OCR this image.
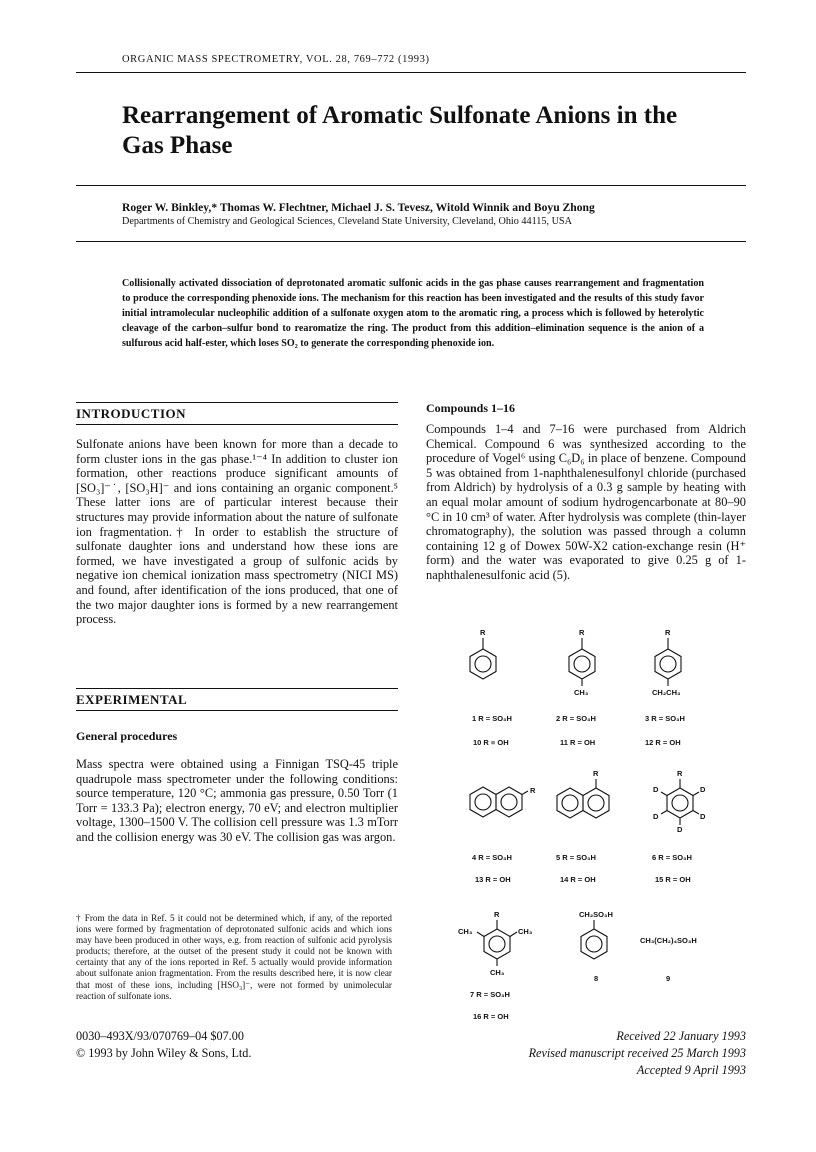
ORGANIC MASS SPECTROMETRY, VOL. 28, 769–772 (1993)
Rearrangement of Aromatic Sulfonate Anions in the Gas Phase
Roger W. Binkley,* Thomas W. Flechtner, Michael J. S. Tevesz, Witold Winnik and Boyu Zhong
Departments of Chemistry and Geological Sciences, Cleveland State University, Cleveland, Ohio 44115, USA
Collisionally activated dissociation of deprotonated aromatic sulfonic acids in the gas phase causes rearrangement and fragmentation to produce the corresponding phenoxide ions. The mechanism for this reaction has been investigated and the results of this study favor initial intramolecular nucleophilic addition of a sulfonate oxygen atom to the aromatic ring, a process which is followed by heterolytic cleavage of the carbon–sulfur bond to rearomatize the ring. The product from this addition–elimination sequence is the anion of a sulfurous acid half-ester, which loses SO₂ to generate the corresponding phenoxide ion.
INTRODUCTION
Sulfonate anions have been known for more than a decade to form cluster ions in the gas phase.¹⁻⁴ In addition to cluster ion formation, other reactions produce significant amounts of [SO₃]⁻˙, [SO₃H]⁻ and ions containing an organic component.⁵ These latter ions are of particular interest because their structures may provide information about the nature of sulfonate ion fragmentation.† In order to establish the structure of sulfonate daughter ions and understand how these ions are formed, we have investigated a group of sulfonic acids by negative ion chemical ionization mass spectrometry (NICI MS) and found, after identification of the ions produced, that one of the two major daughter ions is formed by a new rearrangement process.
EXPERIMENTAL
General procedures
Mass spectra were obtained using a Finnigan TSQ-45 triple quadrupole mass spectrometer under the following conditions: source temperature, 120 °C; ammonia gas pressure, 0.50 Torr (1 Torr = 133.3 Pa); electron energy, 70 eV; and electron multiplier voltage, 1300–1500 V. The collision cell pressure was 1.3 mTorr and the collision energy was 30 eV. The collision gas was argon.
† From the data in Ref. 5 it could not be determined which, if any, of the reported ions were formed by fragmentation of deprotonated sulfonic acids and which ions may have been produced in other ways, e.g. from reaction of sulfonic acid pyrolysis products; therefore, at the outset of the present study it could not be known with certainty that any of the ions reported in Ref. 5 actually would provide information about sulfonate anion fragmentation. From the results described here, it is now clear that most of these ions, including [HSO₃]⁻, were not formed by unimolecular reaction of sulfonate ions.
0030–493X/93/070769–04 $07.00
© 1993 by John Wiley & Sons, Ltd.
Compounds 1–16
Compounds 1–4 and 7–16 were purchased from Aldrich Chemical. Compound 6 was synthesized according to the procedure of Vogel⁶ using C₆D₆ in place of benzene. Compound 5 was obtained from 1-naphthalenesulfonyl chloride (purchased from Aldrich) by hydrolysis of a 0.3 g sample by heating with an equal molar amount of sodium hydrogencarbonate at 80–90 °C in 10 cm³ of water. After hydrolysis was complete (thin-layer chromatography), the solution was passed through a column containing 12 g of Dowex 50W-X2 cation-exchange resin (H⁺ form) and the water was evaporated to give 0.25 g of 1-naphthalenesulfonic acid (5).
R	R	R
CH₃	CH₂CH₃
1 R = SO₃H
10 R ≡ OH
2 R = SO₃H
11 R = OH
3 R = SO₃H
12 R = OH
R
R	R
D	D
D	D
D
4 R = SO₃H
13 R = OH
5 R = SO₃H
14 R = OH
6 R = SO₃H
15 R = OH
R
CH₃	CH₃
CH₃
7 R = SO₃H
16 R = OH
CH₂SO₃H
8
CH₃(CH₂)₄SO₃H
9
Received 22 January 1993
Revised manuscript received 25 March 1993
Accepted 9 April 1993
